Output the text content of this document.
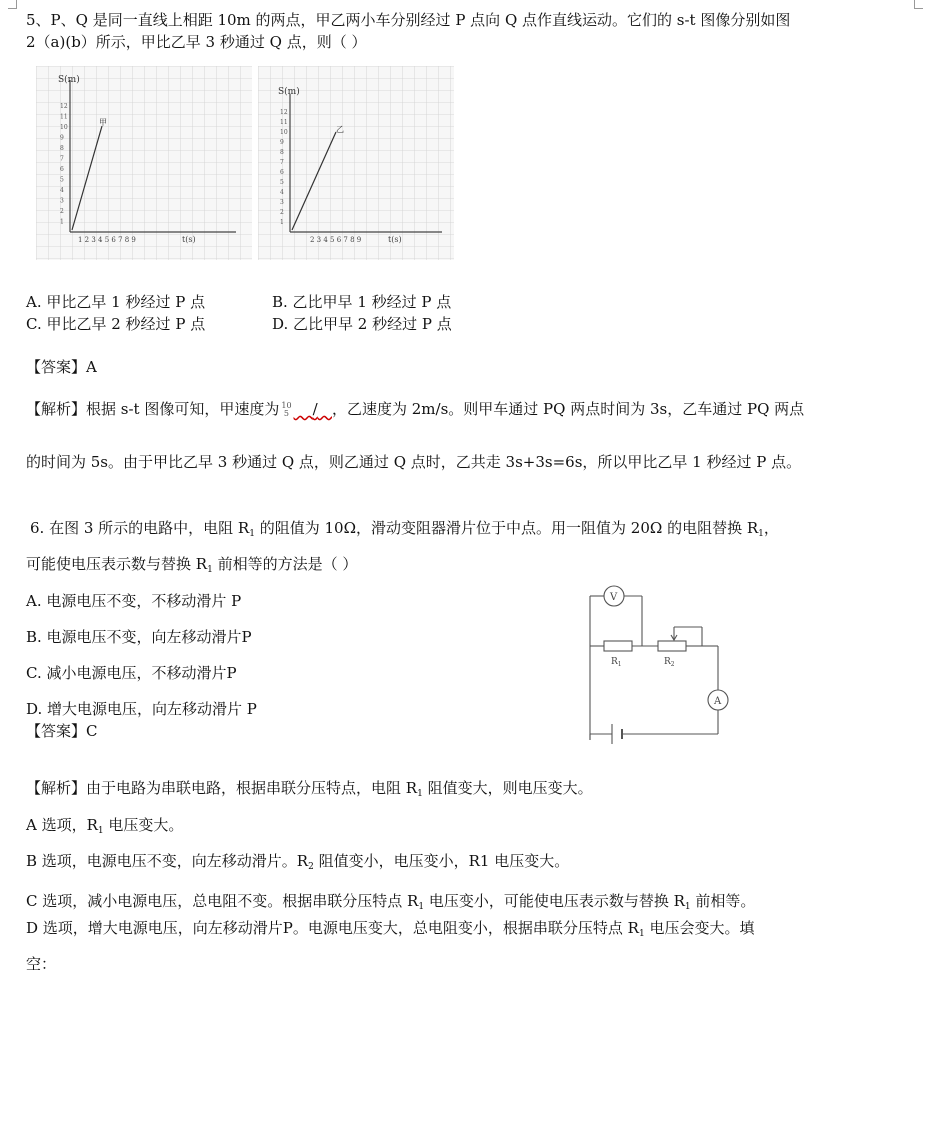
5、P、Q 是同一直线上相距 10m 的两点，甲乙两小车分别经过 P 点向 Q 点作直线运动。它们的 s-t 图像分别如图
2（a)(b）所示，甲比乙早 3 秒通过 Q 点，则（ ）
S(m)
12
11
10
9
8
7
6
5
4
3
2
1
1 2 3 4 5 6 7 8 9	t(s)
甲
S(m)
12
11
10
9
8
7
6
5
4
3
2
1
2 3 4 5 6 7 8 9	t(s)
乙
A. 甲比乙早 1 秒经过 P 点	B. 乙比甲早 1 秒经过 P 点
C. 甲比乙早 2 秒经过 P 点	D. 乙比甲早 2 秒经过 P 点
【答案】A
【解析】根据 s-t 图像可知，甲速度为 10
5 / ，乙速度为 2m/s。则甲车通过 PQ 两点时间为 3s，乙车通过 PQ 两点
的时间为 5s。由于甲比乙早 3 秒通过 Q 点，则乙通过 Q 点时，乙共走 3s+3s=6s，所以甲比乙早 1 秒经过 P 点。
6. 在图 3 所示的电路中，电阻 $R_1$ 的阻值为 10Ω，滑动变阻器滑片位于中点。用一阻值为 20Ω 的电阻替换 $R_1$，
可能使电压表示数与替换 $R_1$ 前相等的方法是（ ）
A. 电源电压不变，不移动滑片 P
B. 电源电压不变，向左移动滑片P
C. 减小电源电压，不移动滑片P
D. 增大电源电压，向左移动滑片 P
【答案】C
V
A
$R_1$	$R_2$
【解析】由于电路为串联电路，根据串联分压特点，电阻 $R_1$ 阻值变大，则电压变大。
A 选项，$R_1$ 电压变大。
B 选项，电源电压不变，向左移动滑片。$R_2$ 阻值变小，电压变小，R1 电压变大。
C 选项，减小电源电压，总电阻不变。根据串联分压特点 $R_1$ 电压变小，可能使电压表示数与替换 $R_1$ 前相等。
D 选项，增大电源电压，向左移动滑片P。电源电压变大，总电阻变小，根据串联分压特点 $R_1$ 电压会变大。填
空：
